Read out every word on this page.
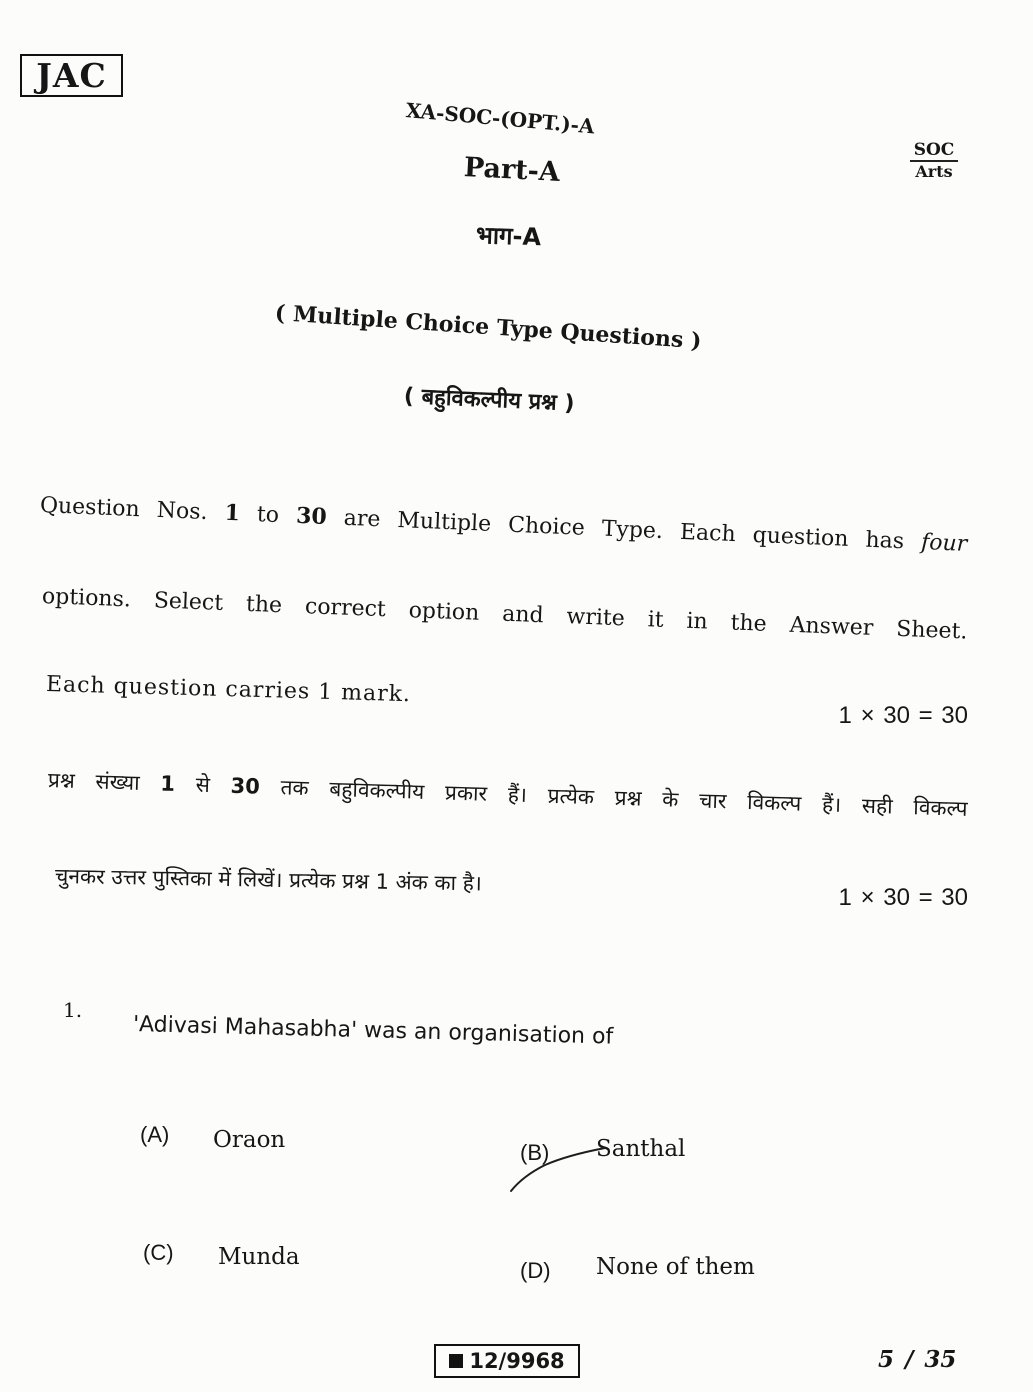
JAC
XA-SOC-(OPT.)-A
SOC
Arts
Part-A
भाग-A
( Multiple Choice Type Questions )
( बहुविकल्पीय प्रश्न )
Question Nos. 1 to 30 are Multiple Choice Type. Each question has four
options. Select the correct option and write it in the Answer Sheet.
Each question carries 1 mark.
1 × 30 = 30
प्रश्न संख्या 1 से 30 तक बहुविकल्पीय प्रकार हैं। प्रत्येक प्रश्न के चार विकल्प हैं। सही विकल्प
चुनकर उत्तर पुस्तिका में लिखें। प्रत्येक प्रश्न 1 अंक का है।
1 × 30 = 30
1.
'Adivasi Mahasabha' was an organisation of
(A) Oraon	(B) Santhal
(C) Munda
(D) None of them
12/9968	5 / 35
